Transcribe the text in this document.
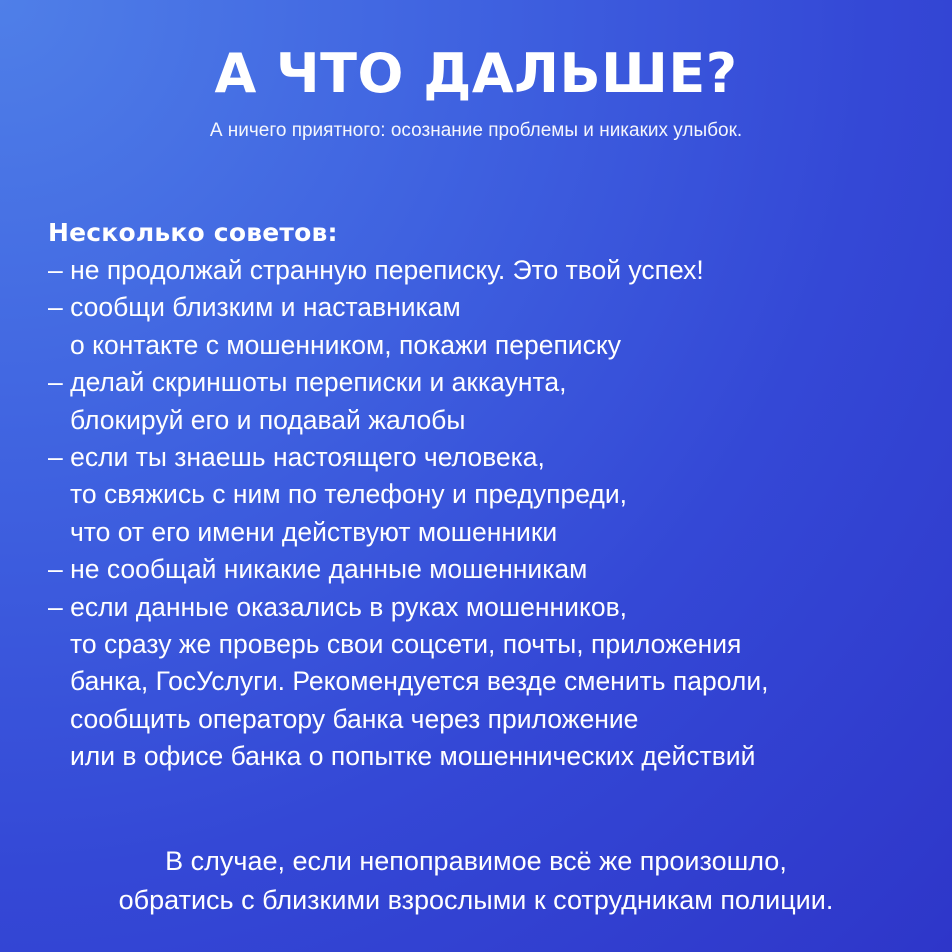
А ЧТО ДАЛЬШЕ?
А ничего приятного: осознание проблемы и никаких улыбок.
Несколько советов:
– не продолжай странную переписку. Это твой успех!
– сообщи близким и наставникам
о контакте с мошенником, покажи переписку
– делай скриншоты переписки и аккаунта,
блокируй его и подавай жалобы
– если ты знаешь настоящего человека,
то свяжись с ним по телефону и предупреди,
что от его имени действуют мошенники
– не сообщай никакие данные мошенникам
– если данные оказались в руках мошенников,
то сразу же проверь свои соцсети, почты, приложения
банка, ГосУслуги. Рекомендуется везде сменить пароли,
сообщить оператору банка через приложение
или в офисе банка о попытке мошеннических действий
В случае, если непоправимое всё же произошло,
обратись с близкими взрослыми к сотрудникам полиции.
